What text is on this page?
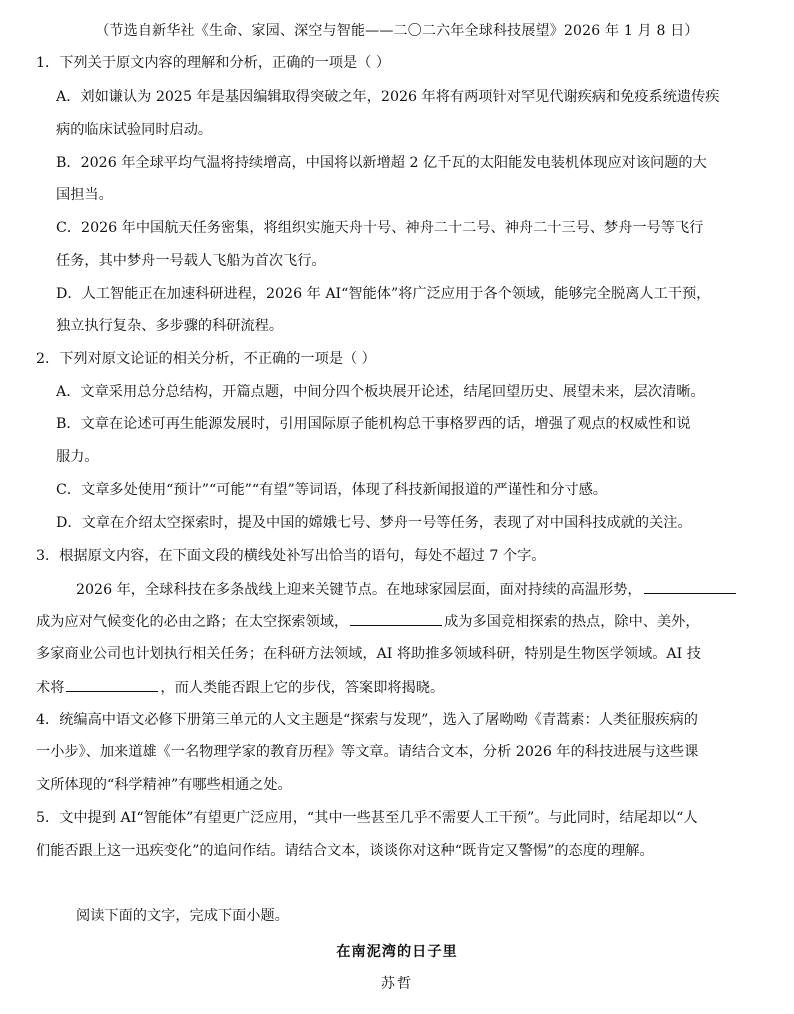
（节选自新华社《生命、家园、深空与智能——二〇二六年全球科技展望》2026 年 1 月 8 日）
1．下列关于原文内容的理解和分析，正确的一项是（ ）
A．刘如谦认为 2025 年是基因编辑取得突破之年，2026 年将有两项针对罕见代谢疾病和免疫系统遗传疾
病的临床试验同时启动。
B．2026 年全球平均气温将持续增高，中国将以新增超 2 亿千瓦的太阳能发电装机体现应对该问题的大
国担当。
C．2026 年中国航天任务密集，将组织实施天舟十号、神舟二十二号、神舟二十三号、梦舟一号等飞行
任务，其中梦舟一号载人飞船为首次飞行。
D．人工智能正在加速科研进程，2026 年 AI“智能体”将广泛应用于各个领域，能够完全脱离人工干预，
独立执行复杂、多步骤的科研流程。
2．下列对原文论证的相关分析，不正确的一项是（ ）
A．文章采用总分总结构，开篇点题，中间分四个板块展开论述，结尾回望历史、展望未来，层次清晰。
B．文章在论述可再生能源发展时，引用国际原子能机构总干事格罗西的话，增强了观点的权威性和说
服力。
C．文章多处使用“预计”“可能”“有望”等词语，体现了科技新闻报道的严谨性和分寸感。
D．文章在介绍太空探索时，提及中国的嫦娥七号、梦舟一号等任务，表现了对中国科技成就的关注。
3．根据原文内容，在下面文段的横线处补写出恰当的语句，每处不超过 7 个字。
2026 年，全球科技在多条战线上迎来关键节点。在地球家园层面，面对持续的高温形势，
成为应对气候变化的必由之路；在太空探索领域，	成为多国竞相探索的热点，除中、美外，
多家商业公司也计划执行相关任务；在科研方法领域，AI 将助推多领域科研，特别是生物医学领域。AI 技
术将	，而人类能否跟上它的步伐，答案即将揭晓。
4．统编高中语文必修下册第三单元的人文主题是“探索与发现”，选入了屠呦呦《青蒿素：人类征服疾病的
一小步》、加来道雄《一名物理学家的教育历程》等文章。请结合文本，分析 2026 年的科技进展与这些课
文所体现的“科学精神”有哪些相通之处。
5．文中提到 AI“智能体”有望更广泛应用，“其中一些甚至几乎不需要人工干预”。与此同时，结尾却以“人
们能否跟上这一迅疾变化”的追问作结。请结合文本，谈谈你对这种“既肯定又警惕”的态度的理解。
阅读下面的文字，完成下面小题。
在南泥湾的日子里
苏哲
